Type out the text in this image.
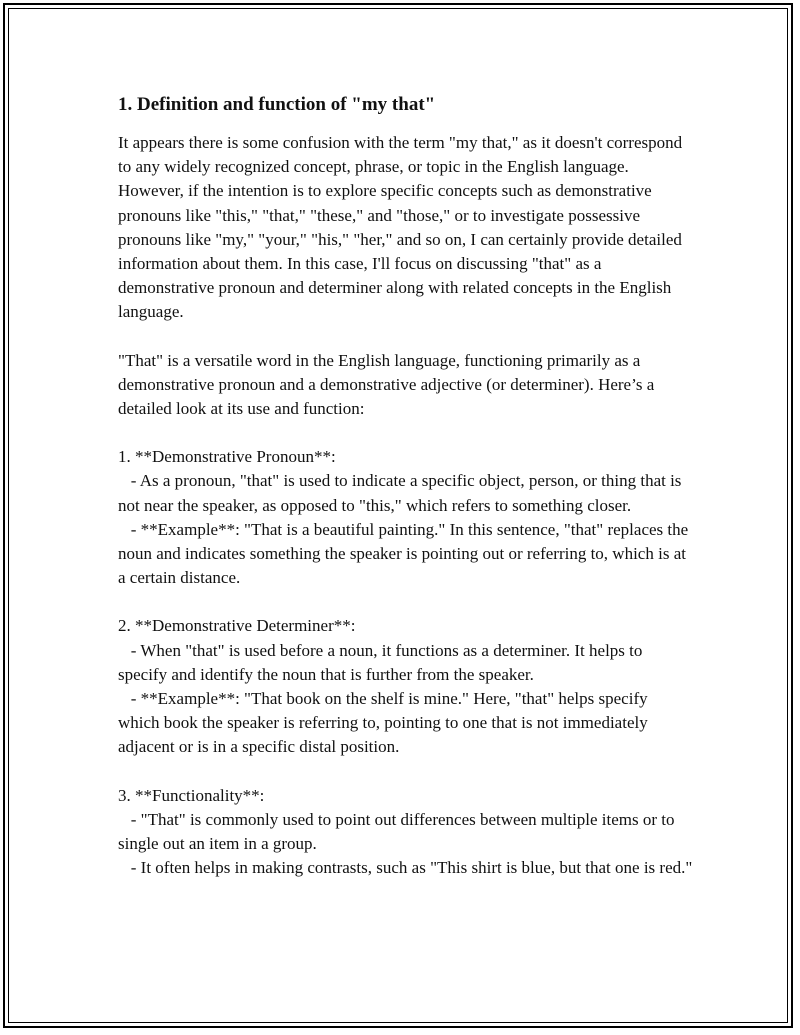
1. Definition and function of "my that"
It appears there is some confusion with the term "my that," as it doesn't correspond to any widely recognized concept, phrase, or topic in the English language. However, if the intention is to explore specific concepts such as demonstrative pronouns like "this," "that," "these," and "those," or to investigate possessive pronouns like "my," "your," "his," "her," and so on, I can certainly provide detailed information about them. In this case, I'll focus on discussing "that" as a demonstrative pronoun and determiner along with related concepts in the English language.
"That" is a versatile word in the English language, functioning primarily as a demonstrative pronoun and a demonstrative adjective (or determiner). Here’s a detailed look at its use and function:
1. **Demonstrative Pronoun**:
- As a pronoun, "that" is used to indicate a specific object, person, or thing that is not near the speaker, as opposed to "this," which refers to something closer.
- **Example**: "That is a beautiful painting." In this sentence, "that" replaces the noun and indicates something the speaker is pointing out or referring to, which is at a certain distance.
2. **Demonstrative Determiner**:
- When "that" is used before a noun, it functions as a determiner. It helps to specify and identify the noun that is further from the speaker.
- **Example**: "That book on the shelf is mine." Here, "that" helps specify which book the speaker is referring to, pointing to one that is not immediately adjacent or is in a specific distal position.
3. **Functionality**:
- "That" is commonly used to point out differences between multiple items or to single out an item in a group.
- It often helps in making contrasts, such as "This shirt is blue, but that one is red."
